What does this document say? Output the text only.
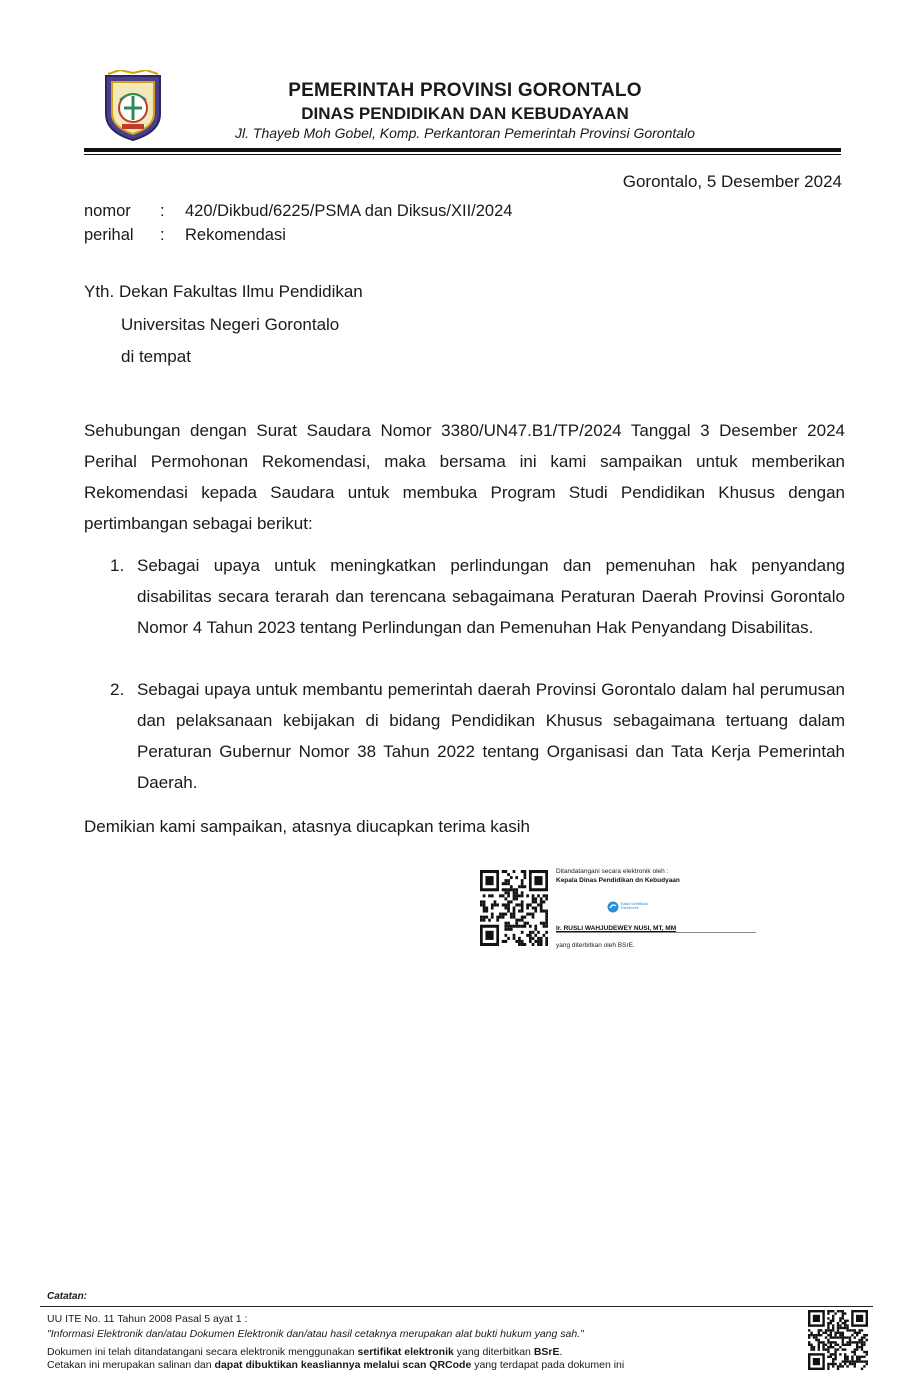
PEMERINTAH PROVINSI GORONTALO
DINAS PENDIDIKAN DAN KEBUDAYAAN
Jl. Thayeb Moh Gobel, Komp. Perkantoran Pemerintah Provinsi Gorontalo
Gorontalo, 5 Desember 2024
nomor : 420/Dikbud/6225/PSMA dan Diksus/XII/2024
perihal : Rekomendasi
Yth. Dekan Fakultas Ilmu Pendidikan
Universitas Negeri Gorontalo
di tempat
Sehubungan dengan Surat Saudara Nomor 3380/UN47.B1/TP/2024 Tanggal 3 Desember 2024 Perihal Permohonan Rekomendasi, maka bersama ini kami sampaikan untuk memberikan Rekomendasi kepada Saudara untuk membuka Program Studi Pendidikan Khusus dengan pertimbangan sebagai berikut:
1. Sebagai upaya untuk meningkatkan perlindungan dan pemenuhan hak penyandang disabilitas secara terarah dan terencana sebagaimana Peraturan Daerah Provinsi Gorontalo Nomor 4 Tahun 2023 tentang Perlindungan dan Pemenuhan Hak Penyandang Disabilitas.
2. Sebagai upaya untuk membantu pemerintah daerah Provinsi Gorontalo dalam hal perumusan dan pelaksanaan kebijakan di bidang Pendidikan Khusus sebagaimana tertuang dalam Peraturan Gubernur Nomor 38 Tahun 2022 tentang Organisasi dan Tata Kerja Pemerintah Daerah.
Demikian kami sampaikan, atasnya diucapkan terima kasih
Ditandatangani secara elektronik oleh :
Kepala Dinas Pendidikan dn Kebudyaan
Balai Sertifikasi Elektronik
Ir. RUSLI WAHJUDEWEY NUSI, MT, MM
yang diterbitkan oleh BSrE.
Catatan:
UU ITE No. 11 Tahun 2008 Pasal 5 ayat 1 :
"Informasi Elektronik dan/atau Dokumen Elektronik dan/atau hasil cetaknya merupakan alat bukti hukum yang sah."
Dokumen ini telah ditandatangani secara elektronik menggunakan sertifikat elektronik yang diterbitkan BSrE.
Cetakan ini merupakan salinan dan dapat dibuktikan keasliannya melalui scan QRCode yang terdapat pada dokumen ini
